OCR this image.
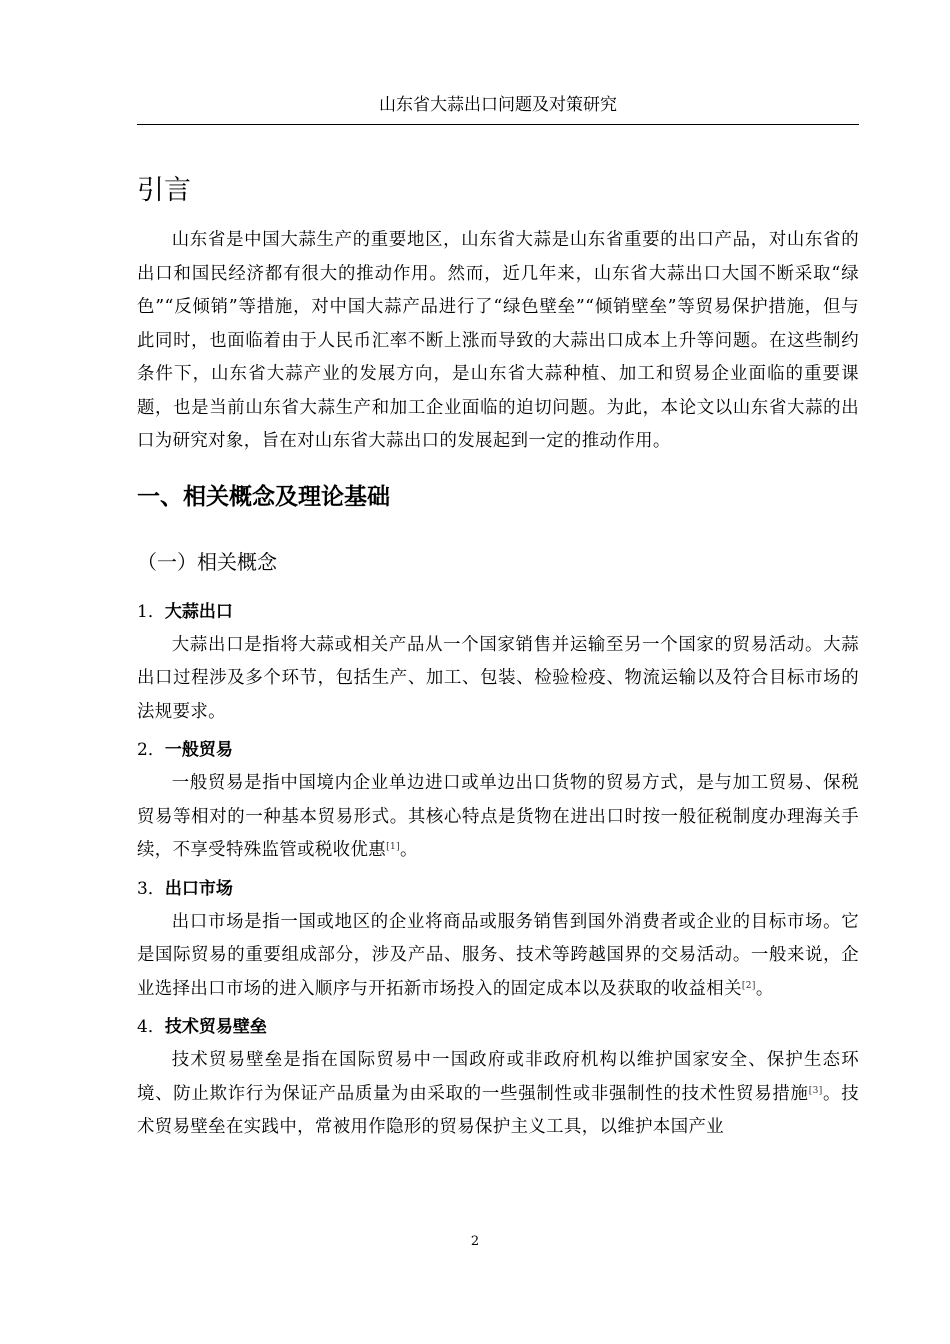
山东省大蒜出口问题及对策研究
引言

山东省是中国大蒜生产的重要地区，山东省大蒜是山东省重要的出口产品，对山东省的出口和国民经济都有很大的推动作用。然而，近几年来，山东省大蒜出口大国不断采取“绿色”“反倾销”等措施，对中国大蒜产品进行了“绿色壁垒”“倾销壁垒”等贸易保护措施，但与此同时，也面临着由于人民币汇率不断上涨而导致的大蒜出口成本上升等问题。在这些制约条件下，山东省大蒜产业的发展方向，是山东省大蒜种植、加工和贸易企业面临的重要课题，也是当前山东省大蒜生产和加工企业面临的迫切问题。为此，本论文以山东省大蒜的出口为研究对象，旨在对山东省大蒜出口的发展起到一定的推动作用。

一、相关概念及理论基础
（一）相关概念
1．大蒜出口

大蒜出口是指将大蒜或相关产品从一个国家销售并运输至另一个国家的贸易活动。大蒜出口过程涉及多个环节，包括生产、加工、包装、检验检疫、物流运输以及符合目标市场的法规要求。

2．一般贸易

一般贸易是指中国境内企业单边进口或单边出口货物的贸易方式，是与加工贸易、保税贸易等相对的一种基本贸易形式。其核心特点是货物在进出口时按一般征税制度办理海关手续，不享受特殊监管或税收优惠[1]。

3．出口市场

出口市场是指一国或地区的企业将商品或服务销售到国外消费者或企业的目标市场。它是国际贸易的重要组成部分，涉及产品、服务、技术等跨越国界的交易活动。一般来说，企业选择出口市场的进入顺序与开拓新市场投入的固定成本以及获取的收益相关[2]。

4．技术贸易壁垒

技术贸易壁垒是指在国际贸易中一国政府或非政府机构以维护国家安全、保护生态环境、防止欺诈行为保证产品质量为由采取的一些强制性或非强制性的技术性贸易措施[3]。技术贸易壁垒在实践中，常被用作隐形的贸易保护主义工具，以维护本国产业

2
